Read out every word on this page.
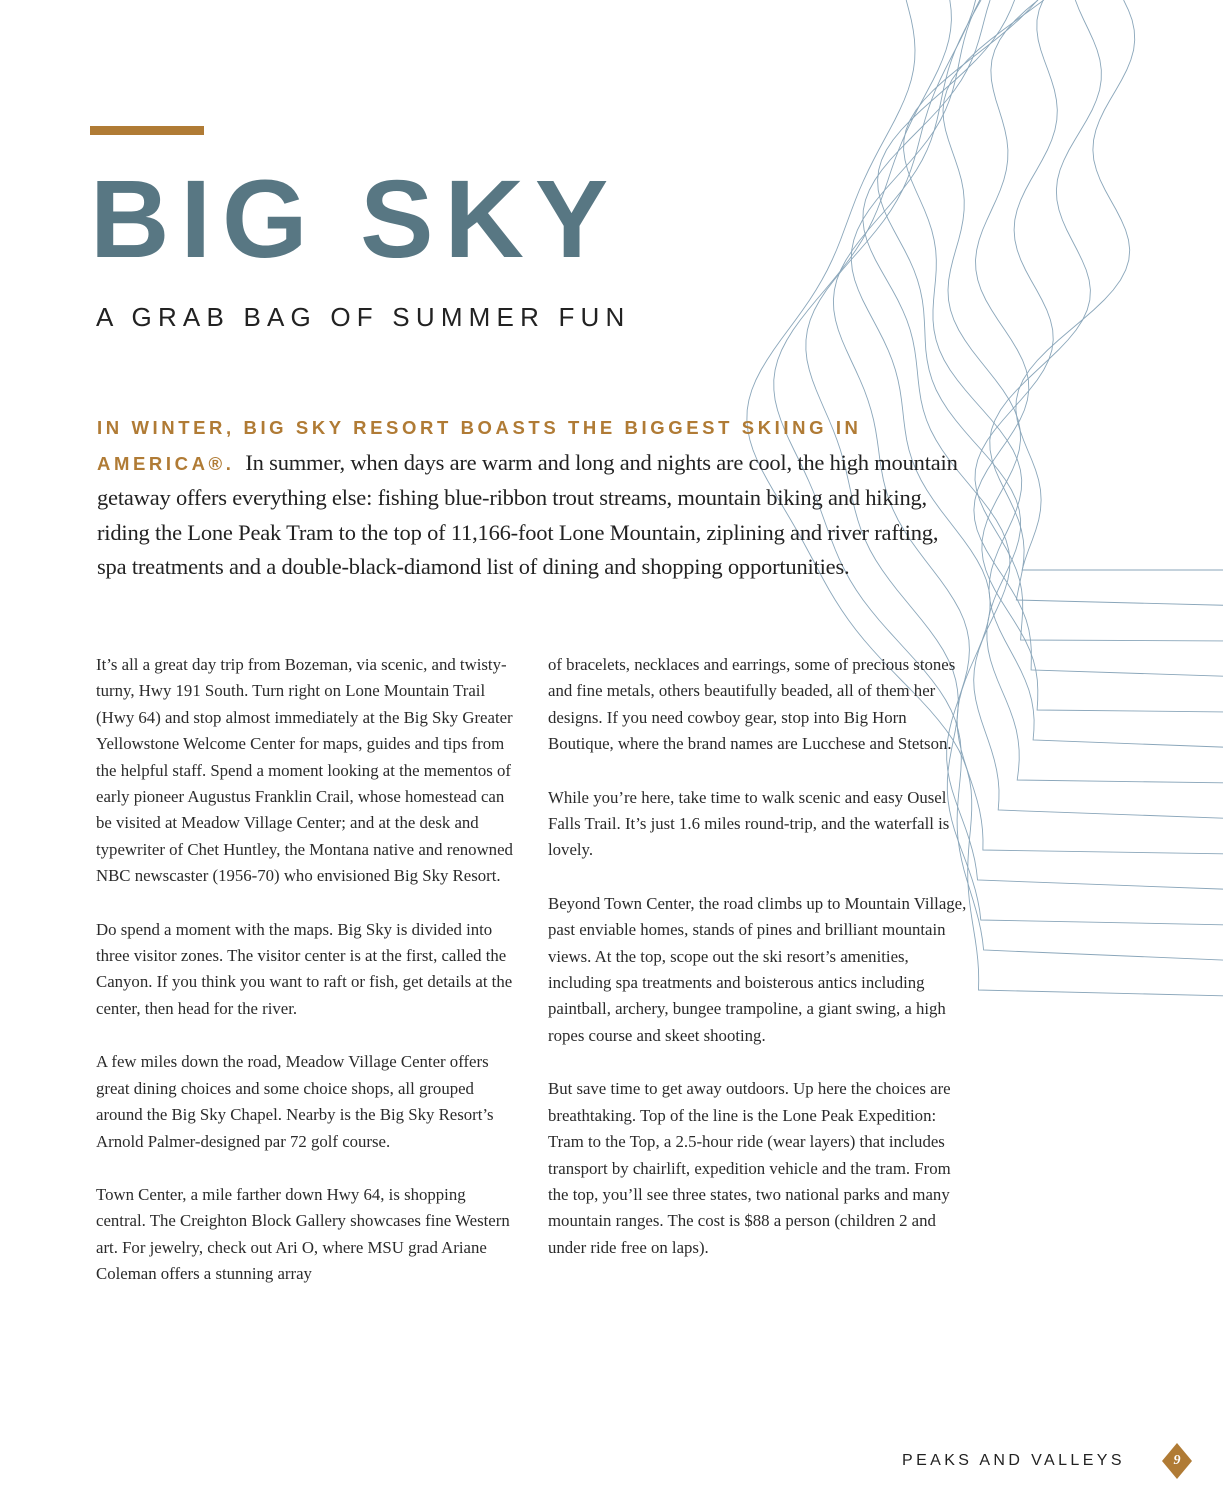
BIG SKY
A GRAB BAG OF SUMMER FUN

IN WINTER, BIG SKY RESORT BOASTS THE BIGGEST SKIING IN AMERICA®. In summer, when days are warm and long and nights are cool, the high mountain getaway offers everything else: fishing blue-ribbon trout streams, mountain biking and hiking, riding the Lone Peak Tram to the top of 11,166-foot Lone Mountain, ziplining and river rafting, spa treatments and a double-black-diamond list of dining and shopping opportunities.

It’s all a great day trip from Bozeman, via scenic, and twisty-turny, Hwy 191 South. Turn right on Lone Mountain Trail (Hwy 64) and stop almost immediately at the Big Sky Greater Yellowstone Welcome Center for maps, guides and tips from the helpful staff. Spend a moment looking at the mementos of early pioneer Augustus Franklin Crail, whose homestead can be visited at Meadow Village Center; and at the desk and typewriter of Chet Huntley, the Montana native and renowned NBC newscaster (1956-70) who envisioned Big Sky Resort.

Do spend a moment with the maps. Big Sky is divided into three visitor zones. The visitor center is at the first, called the Canyon. If you think you want to raft or fish, get details at the center, then head for the river.

A few miles down the road, Meadow Village Center offers great dining choices and some choice shops, all grouped around the Big Sky Chapel. Nearby is the Big Sky Resort’s Arnold Palmer-designed par 72 golf course.

Town Center, a mile farther down Hwy 64, is shopping central. The Creighton Block Gallery showcases fine Western art. For jewelry, check out Ari O, where MSU grad Ariane Coleman offers a stunning array

of bracelets, necklaces and earrings, some of precious stones and fine metals, others beautifully beaded, all of them her designs. If you need cowboy gear, stop into Big Horn Boutique, where the brand names are Lucchese and Stetson.

While you’re here, take time to walk scenic and easy Ousel Falls Trail. It’s just 1.6 miles round-trip, and the waterfall is lovely.

Beyond Town Center, the road climbs up to Mountain Village, past enviable homes, stands of pines and brilliant mountain views. At the top, scope out the ski resort’s amenities, including spa treatments and boisterous antics including paintball, archery, bungee trampoline, a giant swing, a high ropes course and skeet shooting.

But save time to get away outdoors. Up here the choices are breathtaking. Top of the line is the Lone Peak Expedition: Tram to the Top, a 2.5-hour ride (wear layers) that includes transport by chairlift, expedition vehicle and the tram. From the top, you’ll see three states, two national parks and many mountain ranges. The cost is $88 a person (children 2 and under ride free on laps).

PEAKS AND VALLEYS	9
